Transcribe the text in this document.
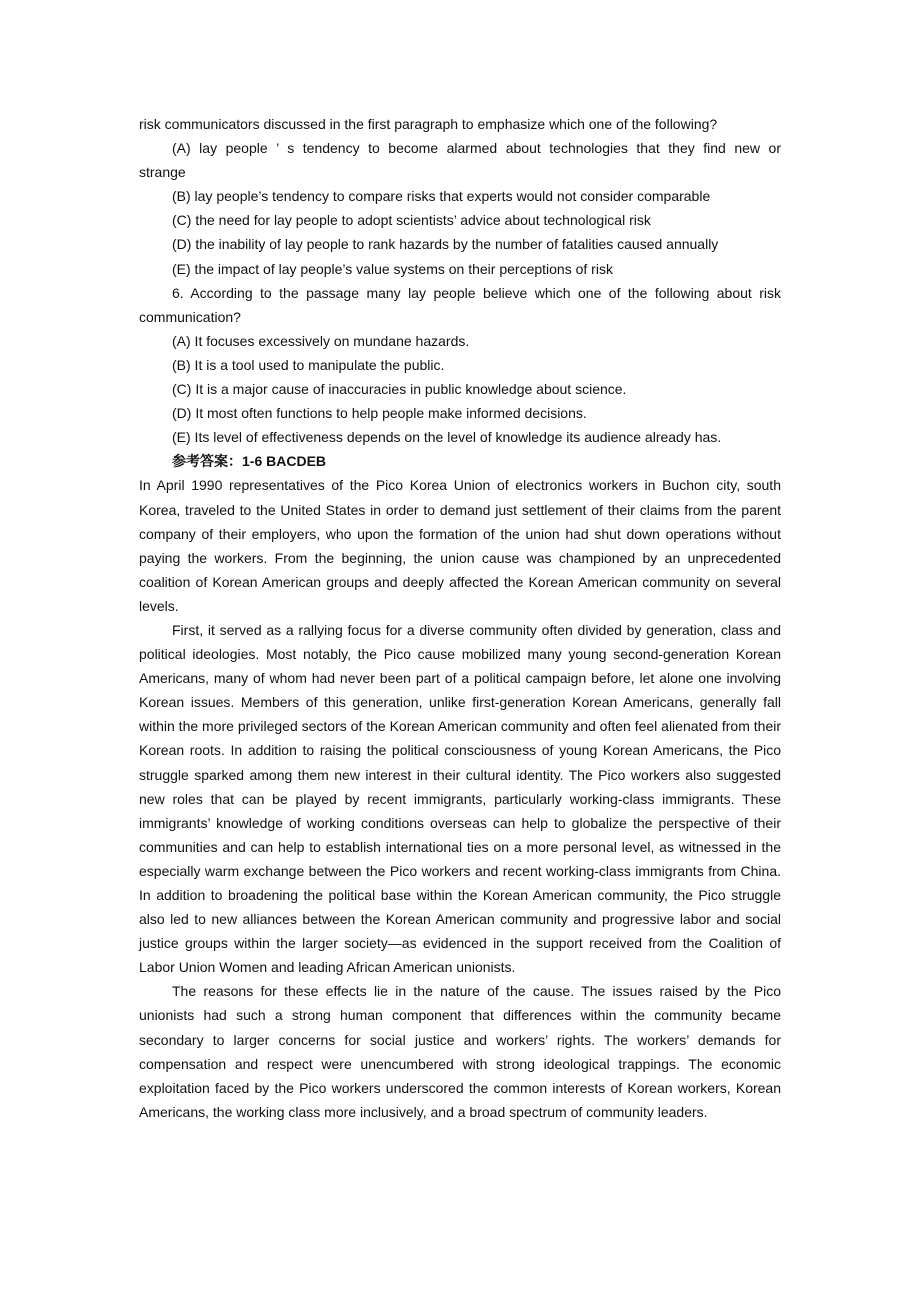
risk communicators discussed in the first paragraph to emphasize which one of the following?

(A) lay people ’ s tendency to become alarmed about technologies that they find new or

strange

(B) lay people’s tendency to compare risks that experts would not consider comparable

(C) the need for lay people to adopt scientists’ advice about technological risk

(D) the inability of lay people to rank hazards by the number of fatalities caused annually

(E) the impact of lay people’s value systems on their perceptions of risk

6. According to the passage many lay people believe which one of the following about risk

communication?

(A) It focuses excessively on mundane hazards.

(B) It is a tool used to manipulate the public.

(C) It is a major cause of inaccuracies in public knowledge about science.

(D) It most often functions to help people make informed decisions.

(E) Its level of effectiveness depends on the level of knowledge its audience already has.

参考答案：1-6 BACDEB

In April 1990 representatives of the Pico Korea Union of electronics workers in Buchon city, south Korea, traveled to the United States in order to demand just settlement of their claims from the parent company of their employers, who upon the formation of the union had shut down operations without paying the workers. From the beginning, the union cause was championed by an unprecedented coalition of Korean American groups and deeply affected the Korean American community on several levels.

First, it served as a rallying focus for a diverse community often divided by generation, class and political ideologies. Most notably, the Pico cause mobilized many young second-generation Korean Americans, many of whom had never been part of a political campaign before, let alone one involving Korean issues. Members of this generation, unlike first-generation Korean Americans, generally fall within the more privileged sectors of the Korean American community and often feel alienated from their Korean roots. In addition to raising the political consciousness of young Korean Americans, the Pico struggle sparked among them new interest in their cultural identity. The Pico workers also suggested new roles that can be played by recent immigrants, particularly working-class immigrants. These immigrants’ knowledge of working conditions overseas can help to globalize the perspective of their communities and can help to establish international ties on a more personal level, as witnessed in the especially warm exchange between the Pico workers and recent working-class immigrants from China. In addition to broadening the political base within the Korean American community, the Pico struggle also led to new alliances between the Korean American community and progressive labor and social justice groups within the larger society—as evidenced in the support received from the Coalition of Labor Union Women and leading African American unionists.

The reasons for these effects lie in the nature of the cause. The issues raised by the Pico unionists had such a strong human component that differences within the community became secondary to larger concerns for social justice and workers’ rights. The workers’ demands for compensation and respect were unencumbered with strong ideological trappings. The economic exploitation faced by the Pico workers underscored the common interests of Korean workers, Korean Americans, the working class more inclusively, and a broad spectrum of community leaders.
